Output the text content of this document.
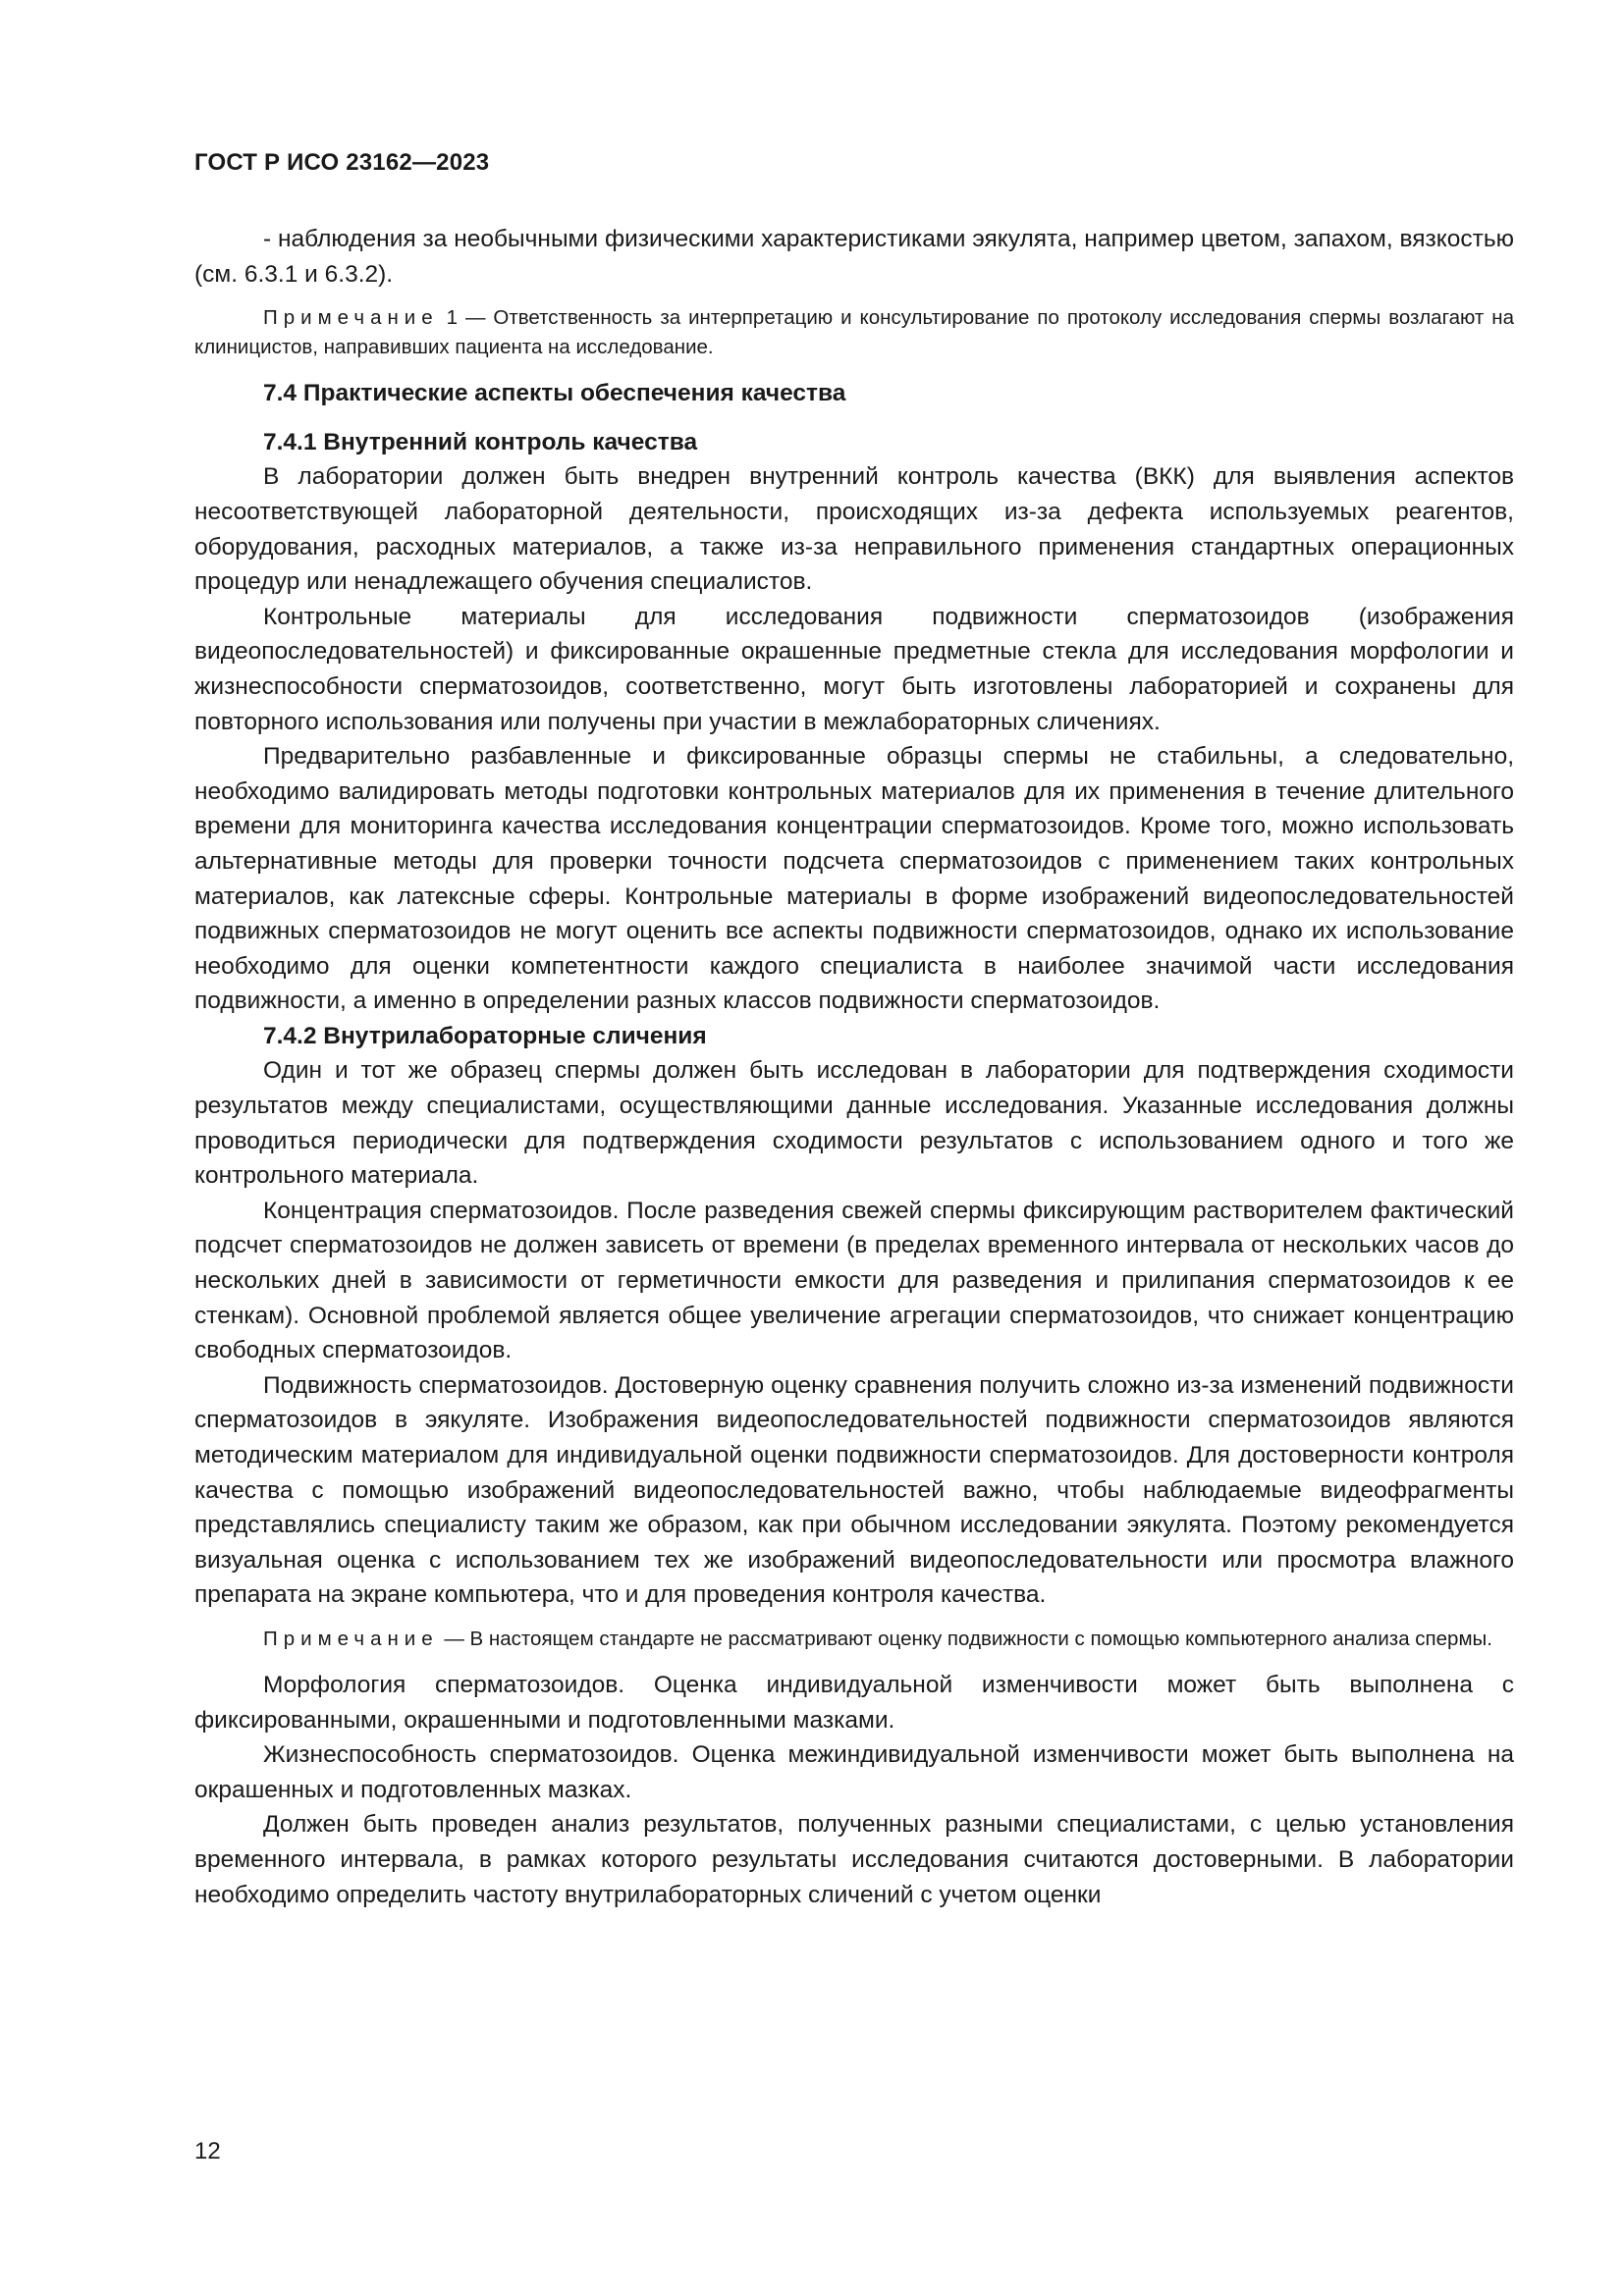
ГОСТ Р ИСО 23162—2023

- наблюдения за необычными физическими характеристиками эякулята, например цветом, запахом, вязкостью (см. 6.3.1 и 6.3.2).

Примечание 1 — Ответственность за интерпретацию и консультирование по протоколу исследования спермы возлагают на клиницистов, направивших пациента на исследование.

7.4 Практические аспекты обеспечения качества
7.4.1 Внутренний контроль качества

В лаборатории должен быть внедрен внутренний контроль качества (ВКК) для выявления аспектов несоответствующей лабораторной деятельности, происходящих из-за дефекта используемых реагентов, оборудования, расходных материалов, а также из-за неправильного применения стандартных операционных процедур или ненадлежащего обучения специалистов.

Контрольные материалы для исследования подвижности сперматозоидов (изображения видеопоследовательностей) и фиксированные окрашенные предметные стекла для исследования морфологии и жизнеспособности сперматозоидов, соответственно, могут быть изготовлены лабораторией и сохранены для повторного использования или получены при участии в межлабораторных сличениях.

Предварительно разбавленные и фиксированные образцы спермы не стабильны, а следовательно, необходимо валидировать методы подготовки контрольных материалов для их применения в течение длительного времени для мониторинга качества исследования концентрации сперматозоидов. Кроме того, можно использовать альтернативные методы для проверки точности подсчета сперматозоидов с применением таких контрольных материалов, как латексные сферы. Контрольные материалы в форме изображений видеопоследовательностей подвижных сперматозоидов не могут оценить все аспекты подвижности сперматозоидов, однако их использование необходимо для оценки компетентности каждого специалиста в наиболее значимой части исследования подвижности, а именно в определении разных классов подвижности сперматозоидов.

7.4.2 Внутрилабораторные сличения

Один и тот же образец спермы должен быть исследован в лаборатории для подтверждения сходимости результатов между специалистами, осуществляющими данные исследования. Указанные исследования должны проводиться периодически для подтверждения сходимости результатов с использованием одного и того же контрольного материала.

Концентрация сперматозоидов. После разведения свежей спермы фиксирующим растворителем фактический подсчет сперматозоидов не должен зависеть от времени (в пределах временного интервала от нескольких часов до нескольких дней в зависимости от герметичности емкости для разведения и прилипания сперматозоидов к ее стенкам). Основной проблемой является общее увеличение агрегации сперматозоидов, что снижает концентрацию свободных сперматозоидов.

Подвижность сперматозоидов. Достоверную оценку сравнения получить сложно из-за изменений подвижности сперматозоидов в эякуляте. Изображения видеопоследовательностей подвижности сперматозоидов являются методическим материалом для индивидуальной оценки подвижности сперматозоидов. Для достоверности контроля качества с помощью изображений видеопоследовательностей важно, чтобы наблюдаемые видеофрагменты представлялись специалисту таким же образом, как при обычном исследовании эякулята. Поэтому рекомендуется визуальная оценка с использованием тех же изображений видеопоследовательности или просмотра влажного препарата на экране компьютера, что и для проведения контроля качества.

Примечание — В настоящем стандарте не рассматривают оценку подвижности с помощью компьютерного анализа спермы.

Морфология сперматозоидов. Оценка индивидуальной изменчивости может быть выполнена с фиксированными, окрашенными и подготовленными мазками.

Жизнеспособность сперматозоидов. Оценка межиндивидуальной изменчивости может быть выполнена на окрашенных и подготовленных мазках.

Должен быть проведен анализ результатов, полученных разными специалистами, с целью установления временного интервала, в рамках которого результаты исследования считаются достоверными. В лаборатории необходимо определить частоту внутрилабораторных сличений с учетом оценки

12
